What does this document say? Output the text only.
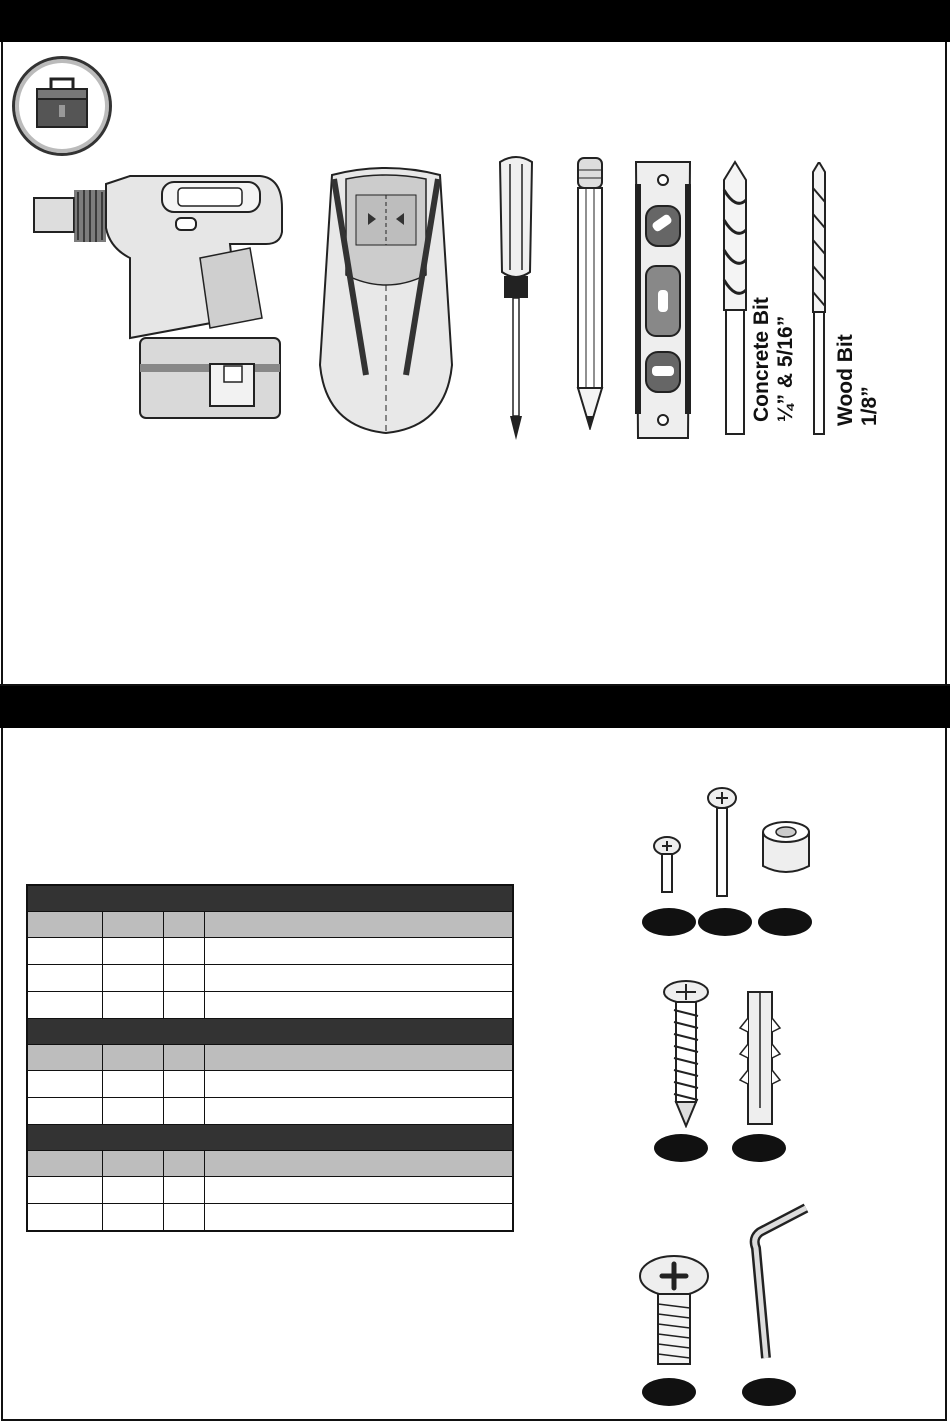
Concrete Bit ¼” & 5/16” Wood Bit 1/8”
